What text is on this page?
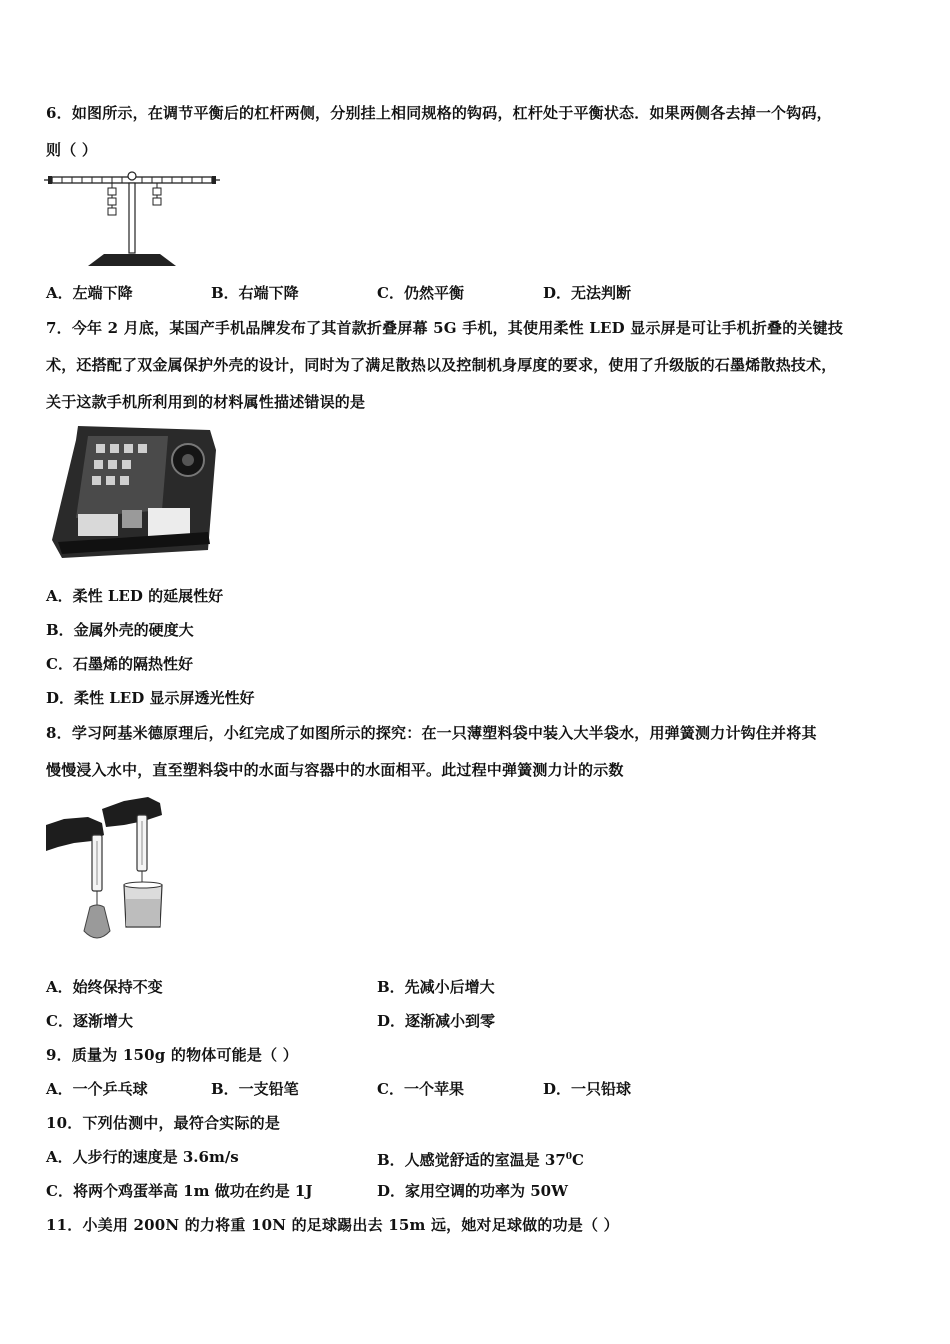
6．如图所示，在调节平衡后的杠杆两侧，分别挂上相同规格的钩码，杠杆处于平衡状态．如果两侧各去掉一个钩码，
则（ ）
A．左端下降	B．右端下降	C．仍然平衡	D．无法判断
7．今年 2 月底，某国产手机品牌发布了其首款折叠屏幕 5G 手机，其使用柔性 LED 显示屏是可让手机折叠的关键技
术，还搭配了双金属保护外壳的设计，同时为了满足散热以及控制机身厚度的要求，使用了升级版的石墨烯散热技术，
关于这款手机所利用到的材料属性描述错误的是
A．柔性 LED 的延展性好
B．金属外壳的硬度大
C．石墨烯的隔热性好
D．柔性 LED 显示屏透光性好
8．学习阿基米德原理后，小红完成了如图所示的探究：在一只薄塑料袋中装入大半袋水，用弹簧测力计钩住并将其
慢慢浸入水中，直至塑料袋中的水面与容器中的水面相平。此过程中弹簧测力计的示数
A．始终保持不变	B．先减小后增大
C．逐渐增大	D．逐渐减小到零
9．质量为 150g 的物体可能是（ ）
A．一个乒乓球	B．一支铅笔	C．一个苹果	D．一只铅球
10．下列估测中，最符合实际的是
A．人步行的速度是 3.6m/s	B．人感觉舒适的室温是 $37^0C$
C．将两个鸡蛋举高 1m 做功在约是 1J	D．家用空调的功率为 50W
11．小美用 200N 的力将重 10N 的足球踢出去 15m 远，她对足球做的功是（ ）
